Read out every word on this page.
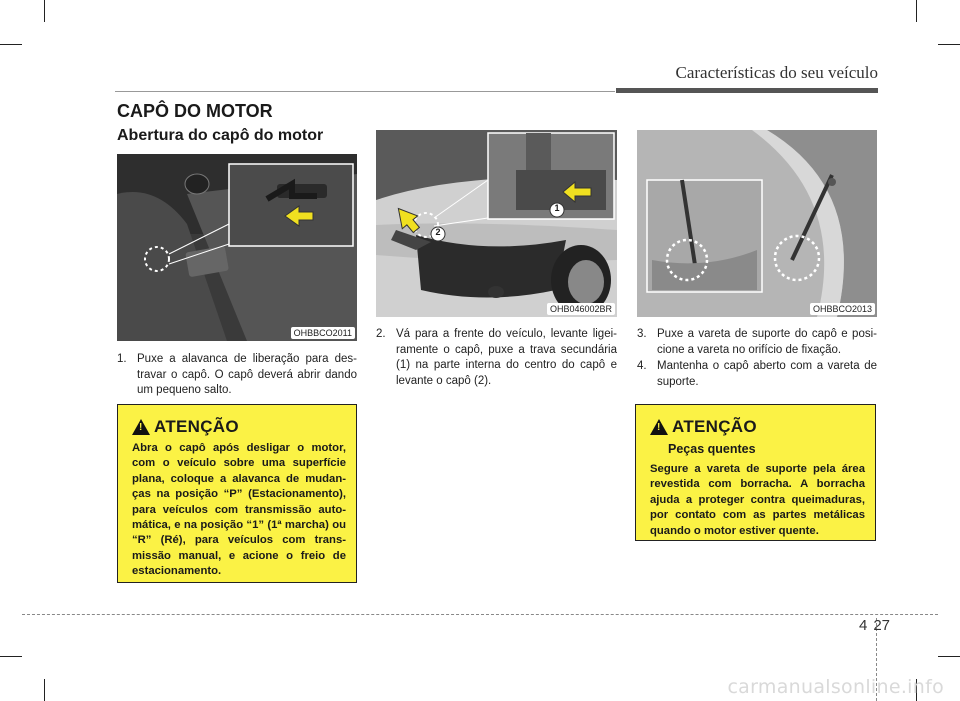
Características do seu veículo
CAPÔ DO MOTOR
Abertura do capô do motor
OHBBCO2011
1
2
OHB046002BR	OHBBCO2013
1. Puxe a alavanca de liberação para destravar o capô. O capô deverá abrir dando um pequeno salto.
2. Vá para a frente do veículo, levante ligeiramente o capô, puxe a trava secundária (1) na parte interna do centro do capô e levante o capô (2).
3. Puxe a vareta de suporte do capô e posicione a vareta no orifício de fixação.
4. Mantenha o capô aberto com a vareta de suporte.
! ATENÇÃO
Abra o capô após desligar o motor, com o veículo sobre uma superfície plana, coloque a alavanca de mudanças na posição “P” (Estacionamento), para veículos com transmissão automática, e na posição “1” (1ª marcha) ou “R” (Ré), para veículos com transmissão manual, e acione o freio de estacionamento.
! ATENÇÃO
Peças quentes
Segure a vareta de suporte pela área revestida com borracha. A borracha ajuda a proteger contra queimaduras, por contato com as partes metálicas quando o motor estiver quente.
4 27
carmanualsonline.info
